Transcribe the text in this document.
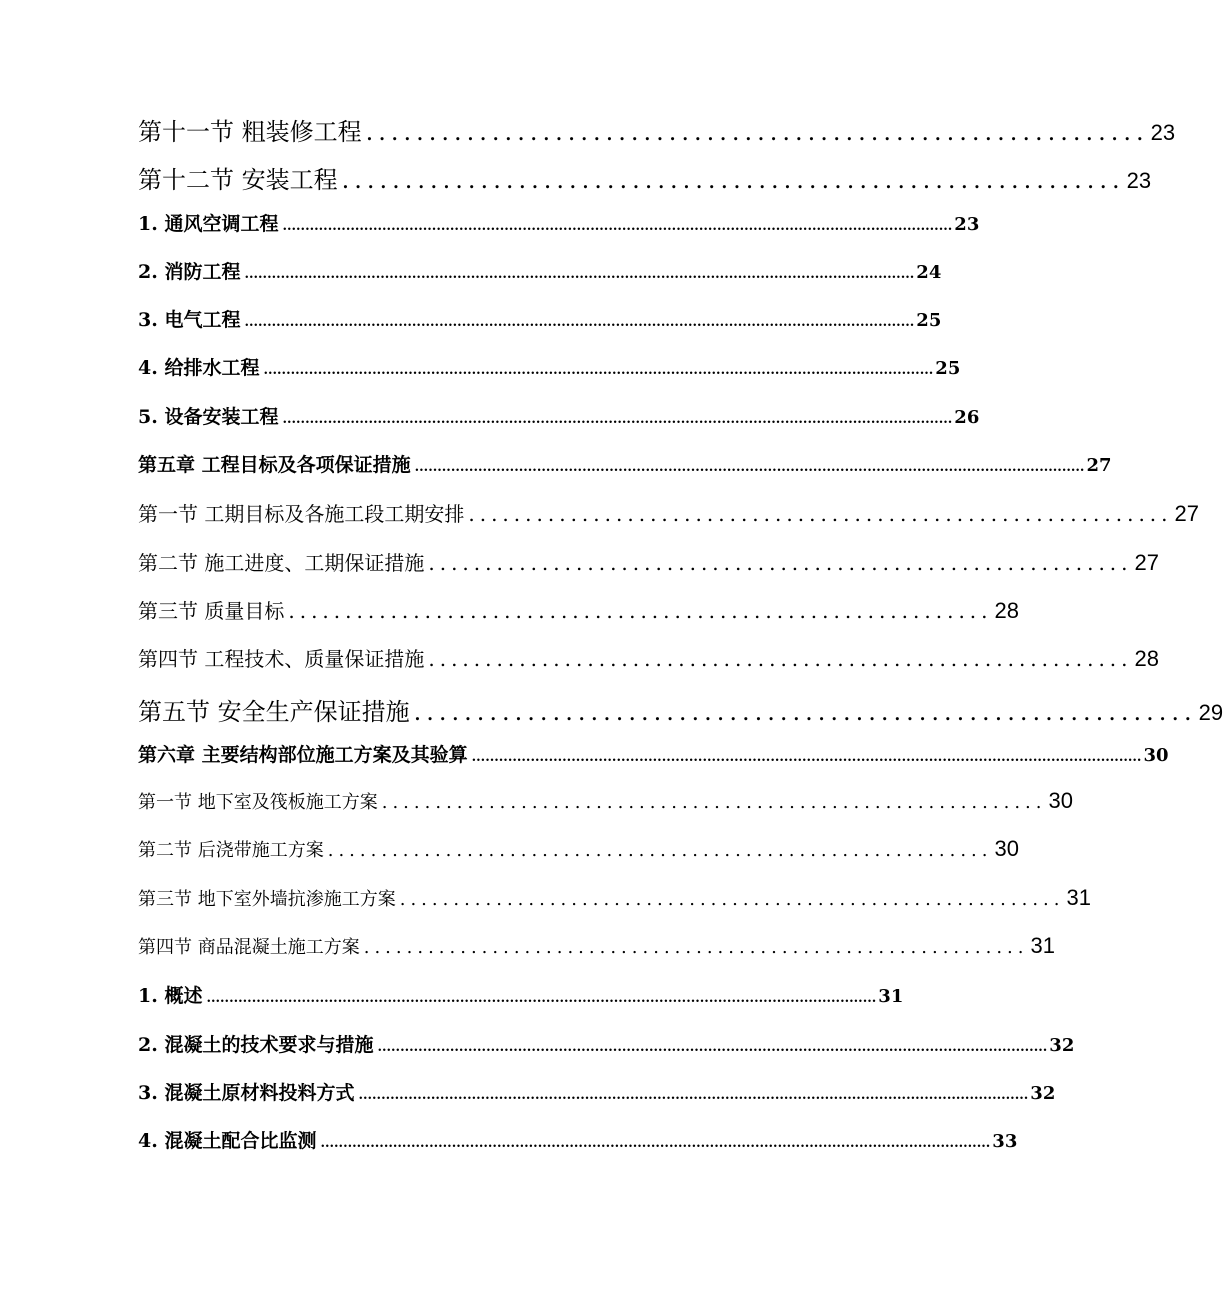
第十一节 粗装修工程 .............................................................. 23
第十二节 安装工程 .............................................................. 23
1. 通风空调工程 .................................................................................................................................................... 23
2. 消防工程 .................................................................................................................................................... 24
3. 电气工程 .................................................................................................................................................... 25
4. 给排水工程 .................................................................................................................................................... 25
5. 设备安装工程 .................................................................................................................................................... 26
第五章 工程目标及各项保证措施 .................................................................................................................................................... 27
第一节 工期目标及各施工段工期安排 .............................................................. 27
第二节 施工进度、工期保证措施 .............................................................. 27
第三节 质量目标 .............................................................. 28
第四节 工程技术、质量保证措施 .............................................................. 28
第五节 安全生产保证措施 .............................................................. 29
第六章 主要结构部位施工方案及其验算 .................................................................................................................................................... 30
第一节 地下室及筏板施工方案 .............................................................. 30
第二节 后浇带施工方案 .............................................................. 30
第三节 地下室外墙抗渗施工方案 .............................................................. 31
第四节 商品混凝土施工方案 .............................................................. 31
1. 概述 .................................................................................................................................................... 31
2. 混凝土的技术要求与措施 .................................................................................................................................................... 32
3. 混凝土原材料投料方式 .................................................................................................................................................... 32
4. 混凝土配合比监测 .................................................................................................................................................... 33
